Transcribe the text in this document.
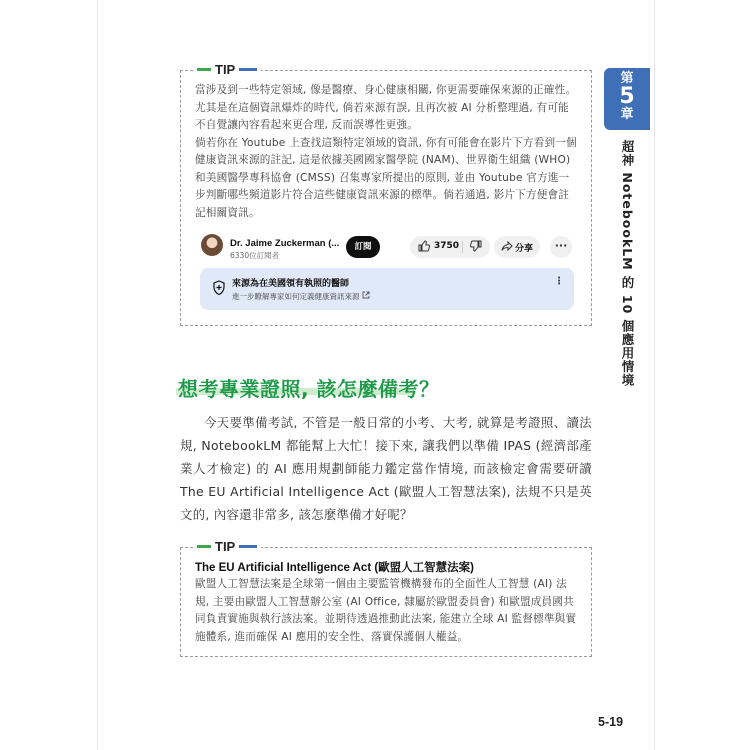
第
5
章
超神 NotebookLM 的 10 個應用情境
TIP

當涉及到一些特定領域, 像是醫療、身心健康相關, 你更需要確保來源的正確性。尤其是在這個資訊爆炸的時代, 倘若來源有誤, 且再次被 AI 分析整理過, 有可能不自覺讓內容看起來更合理, 反而誤導性更強。

倘若你在 Youtube 上查找這類特定領域的資訊, 你有可能會在影片下方看到一個健康資訊來源的註記, 這是依據美國國家醫學院 (NAM)、世界衛生組織 (WHO) 和美國醫學專科協會 (CMSS) 召集專家所提出的原則, 並由 Youtube 官方進一步判斷哪些頻道影片符合這些健康資訊來源的標準。倘若通過, 影片下方便會註記相關資訊。

Dr. Jaime Zuckerman (...
6330位訂閱者
訂閱	3750	分享	···
來源為在美國領有執照的醫師
進一步瞭解專家如何定義健康資訊來源
⋮
想考專業證照, 該怎麼備考？

今天要準備考試, 不管是一般日常的小考、大考, 就算是考證照、讀法規, NotebookLM 都能幫上大忙！接下來, 讓我們以準備 IPAS (經濟部產業人才檢定) 的 AI 應用規劃師能力鑑定當作情境, 而該檢定會需要研讀 The EU Artificial Intelligence Act (歐盟人工智慧法案), 法規不只是英文的, 內容還非常多, 該怎麼準備才好呢？

TIP
The EU Artificial Intelligence Act (歐盟人工智慧法案)
歐盟人工智慧法案是全球第一個由主要監管機構發布的全面性人工智慧 (AI) 法規, 主要由歐盟人工智慧辦公室 (AI Office, 隸屬於歐盟委員會) 和歐盟成員國共同負責實施與執行該法案。並期待透過推動此法案, 能建立全球 AI 監督標準與實施體系, 進而確保 AI 應用的安全性、落實保護個人權益。
5-19
